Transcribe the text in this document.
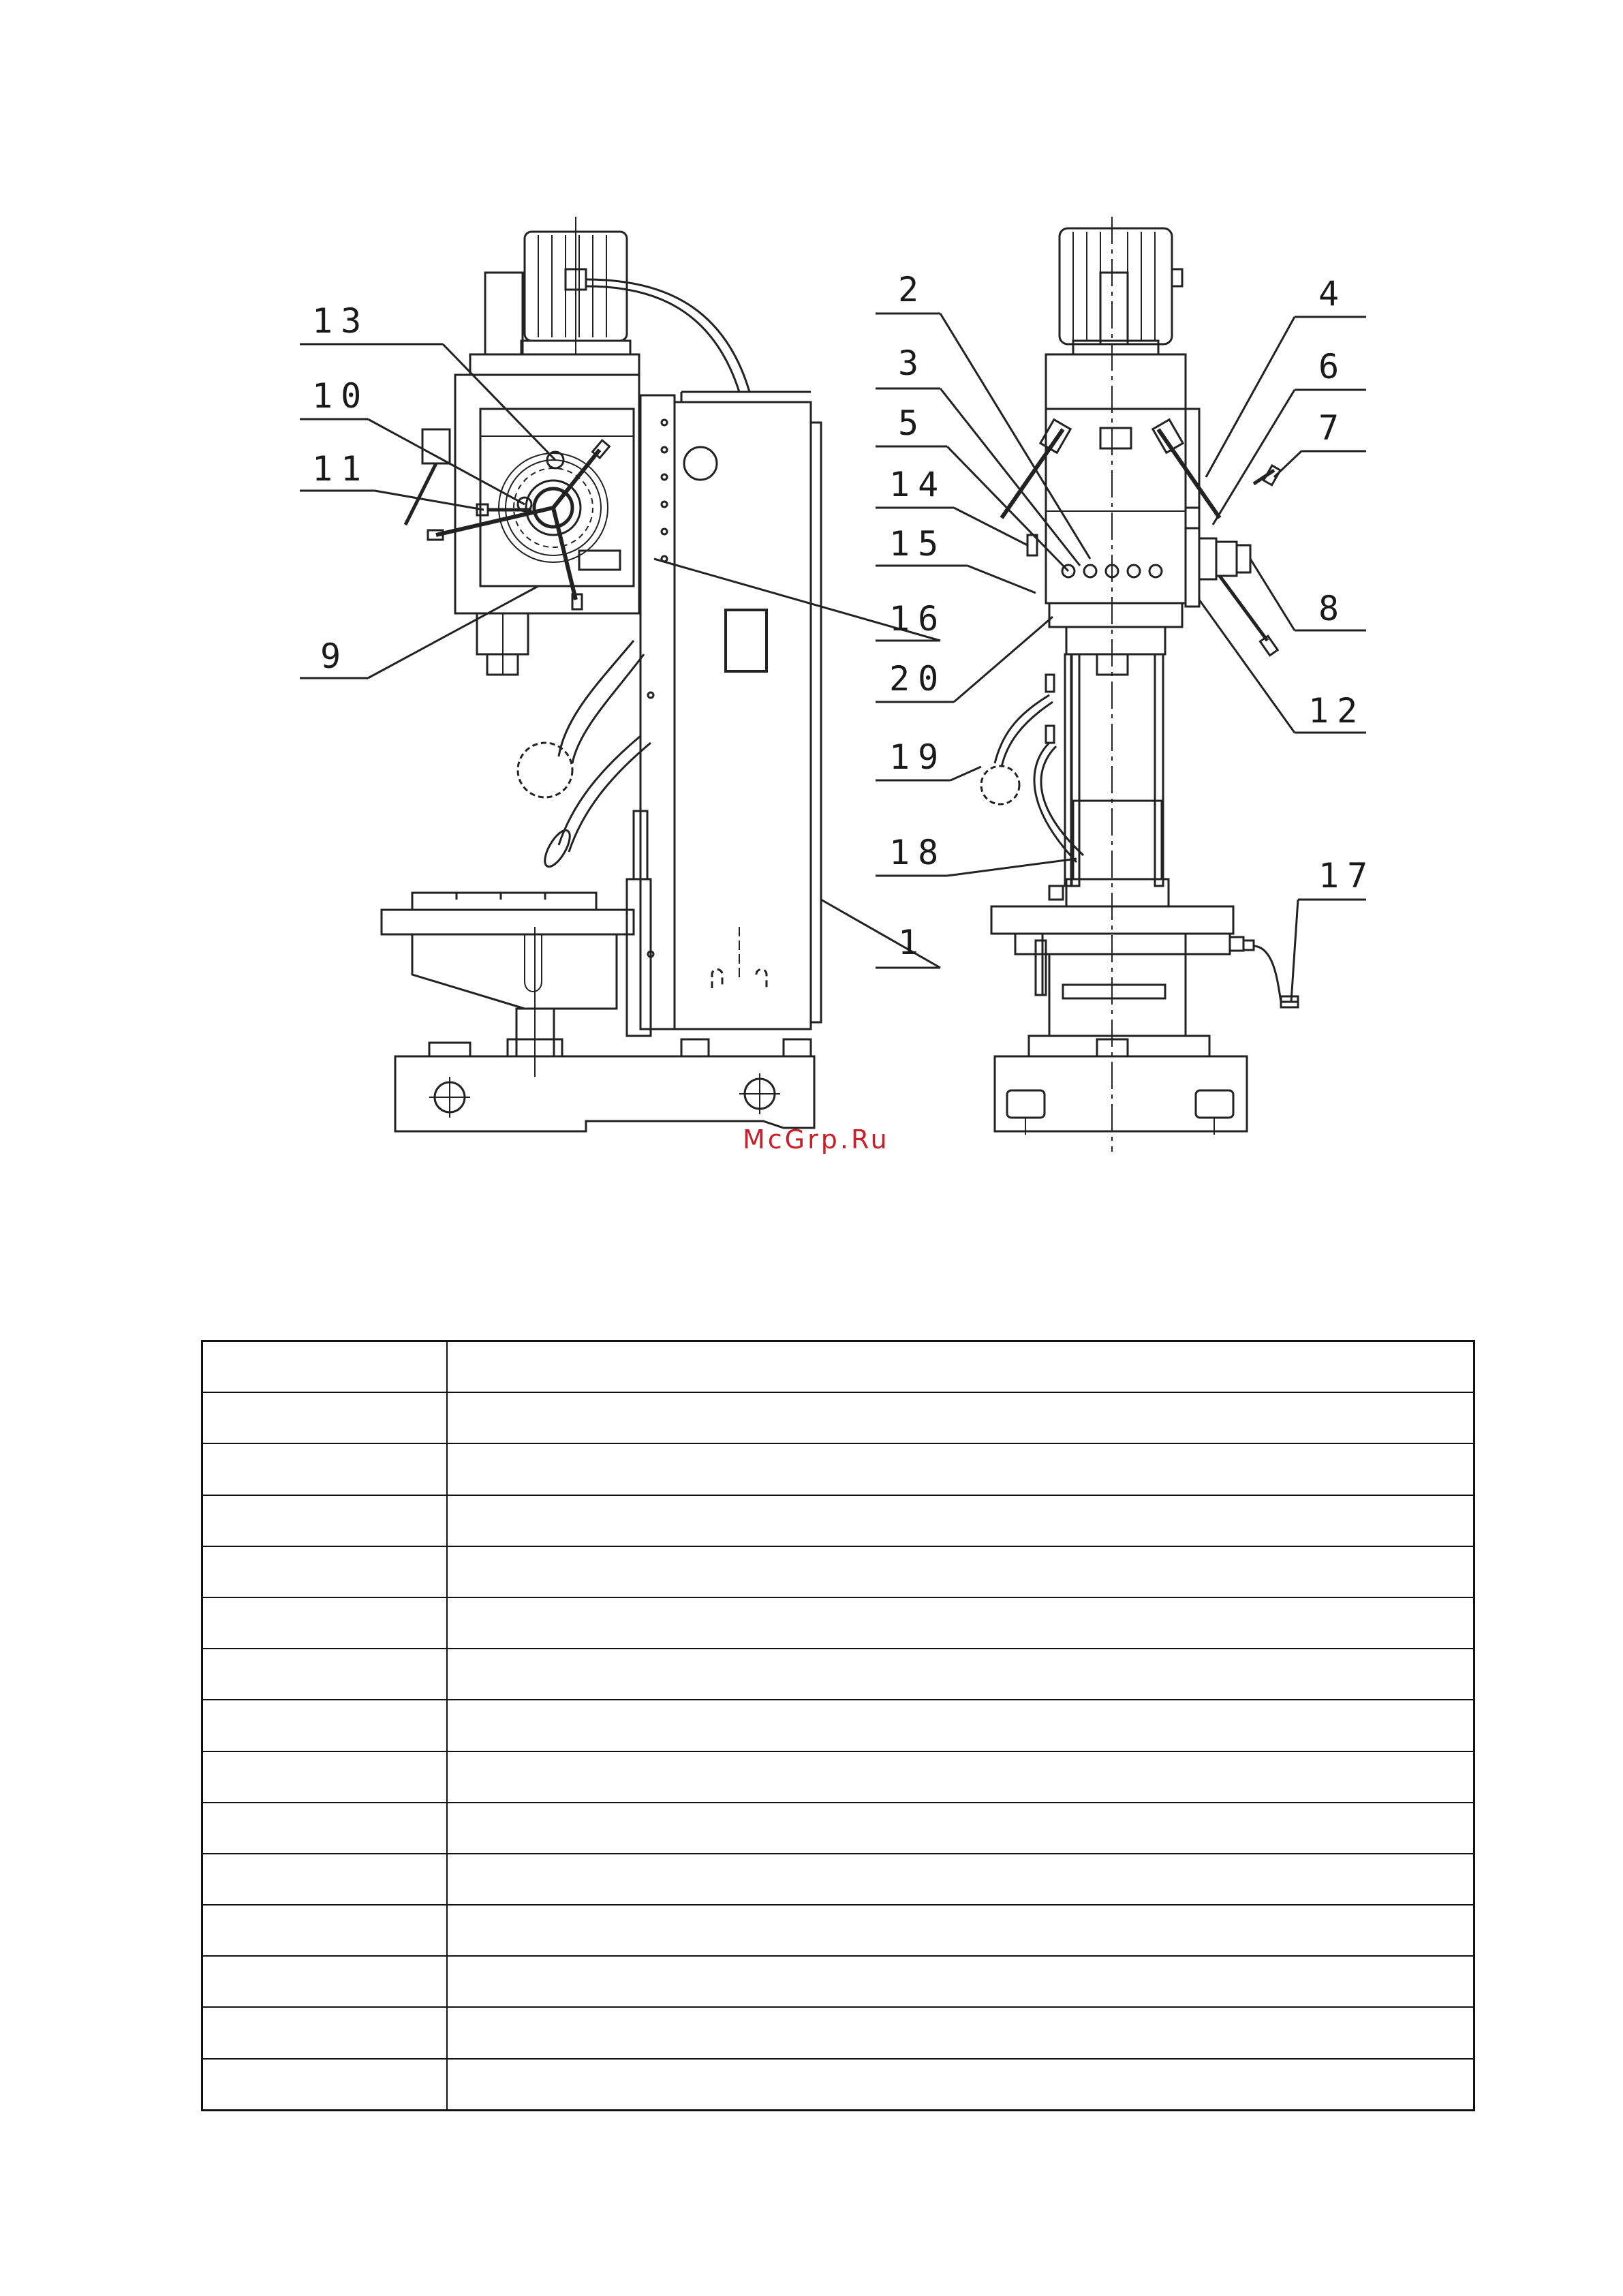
13
10
11
9
2
3
5
14
15
16
20
19
18
1
4
6
7
8
12
17
McGrp.Ru
